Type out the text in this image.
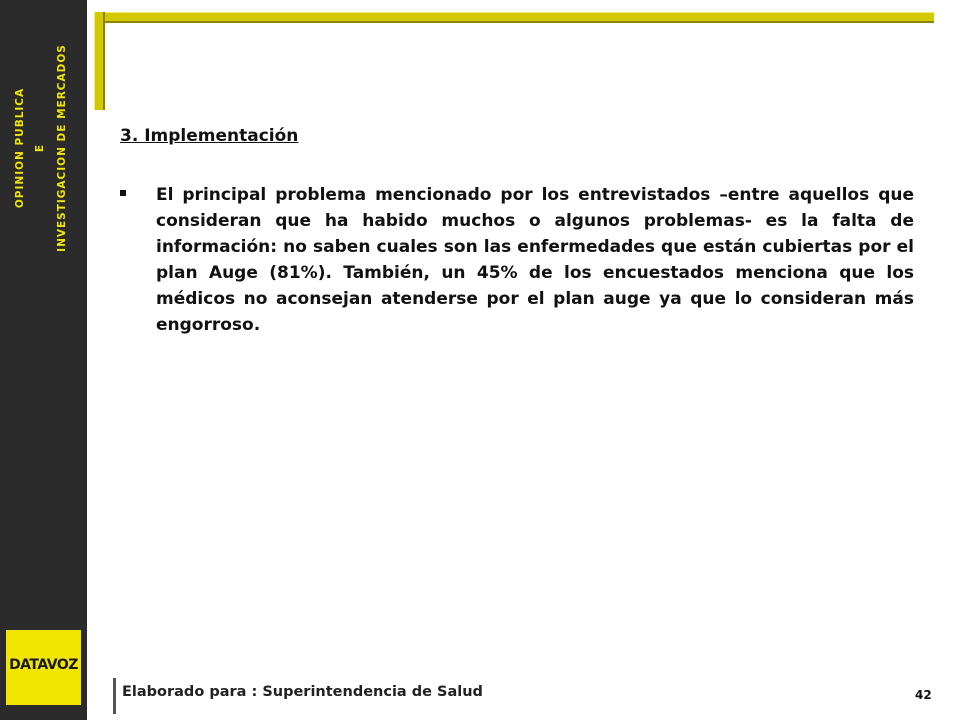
OPINION PUBLICA E INVESTIGACION DE MERCADOS
DATAVOZ
3. Implementación
El principal problema mencionado por los entrevistados –entre aquellos que consideran que ha habido muchos o algunos problemas- es la falta de información: no saben cuales son las enfermedades que están cubiertas por el plan Auge (81%). También, un 45% de los encuestados menciona que los médicos no aconsejan atenderse por el plan auge ya que lo consideran más engorroso.
Elaborado para : Superintendencia de Salud	42
